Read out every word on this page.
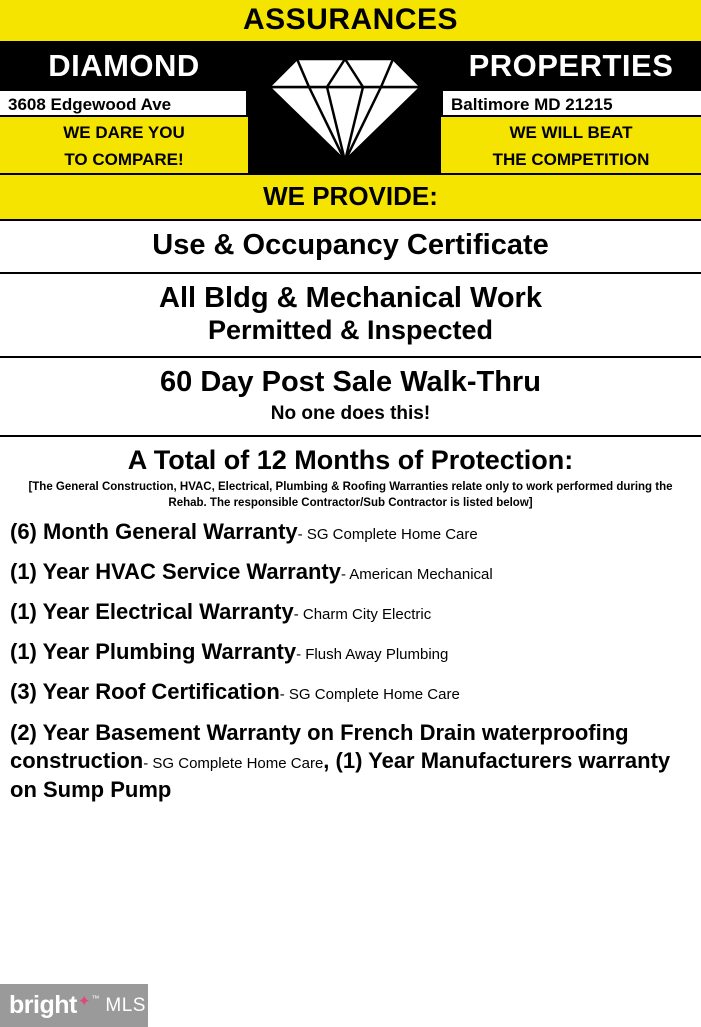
ASSURANCES
DIAMOND	PROPERTIES
3608 Edgewood Ave	Baltimore MD 21215
WE DARE YOU
TO COMPARE!
WE WILL BEAT
THE COMPETITION
WE PROVIDE:
Use & Occupancy Certificate
All Bldg & Mechanical Work
Permitted & Inspected
60 Day Post Sale Walk-Thru
No one does this!
A Total of 12 Months of Protection:
[The General Construction, HVAC, Electrical, Plumbing & Roofing Warranties relate only to work performed during the Rehab. The responsible Contractor/Sub Contractor is listed below]
(6) Month General Warranty- SG Complete Home Care
(1) Year HVAC Service Warranty- American Mechanical
(1) Year Electrical Warranty- Charm City Electric
(1) Year Plumbing Warranty- Flush Away Plumbing
(3) Year Roof Certification- SG Complete Home Care
(2) Year Basement Warranty on French Drain waterproofing construction- SG Complete Home Care, (1) Year Manufacturers warranty on Sump Pump
bright ✦ ™ MLS
